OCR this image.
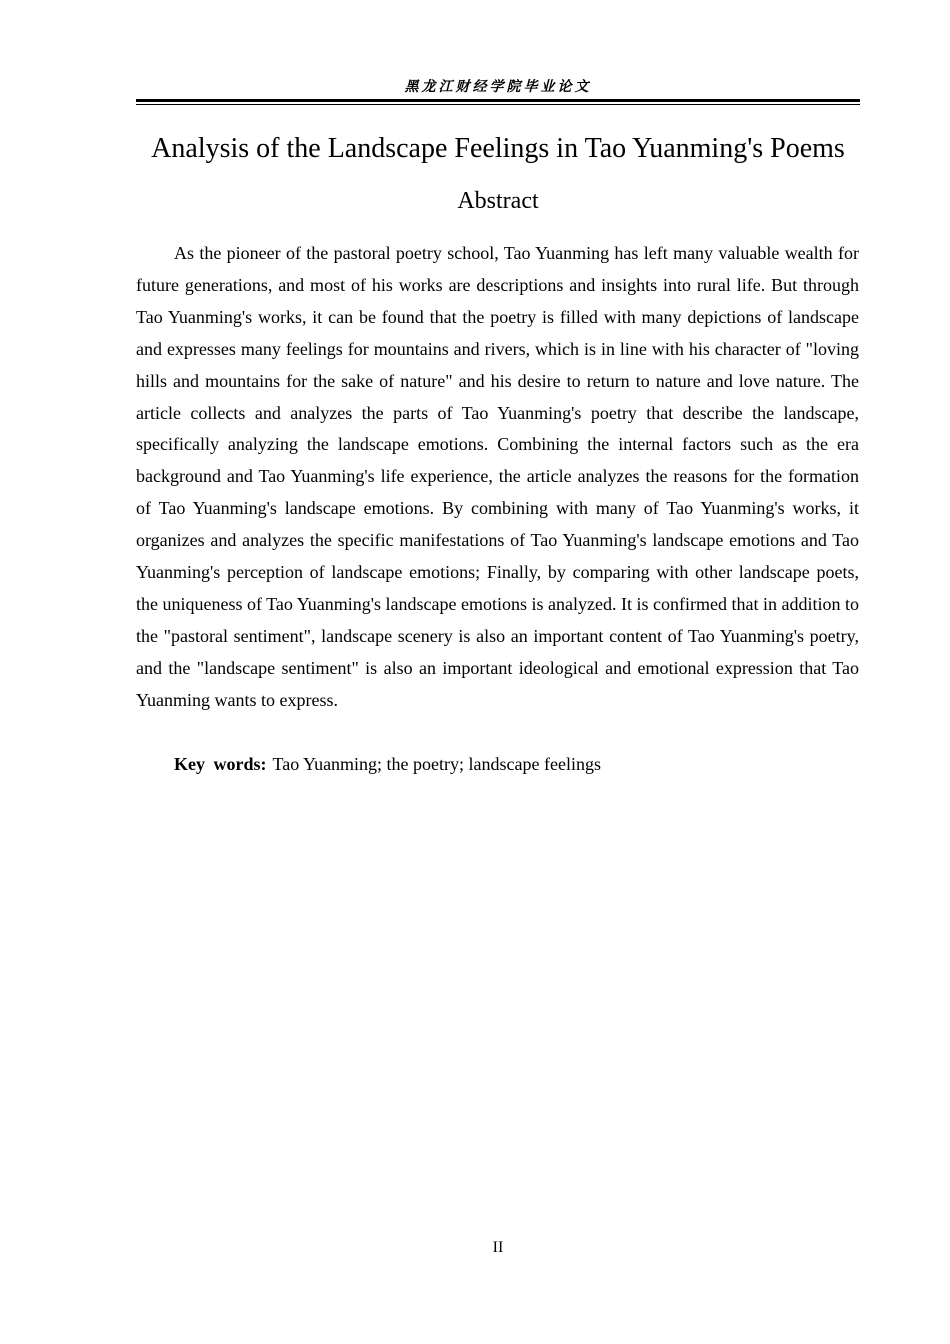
黑龙江财经学院毕业论文
Analysis of the Landscape Feelings in Tao Yuanming's Poems
Abstract

As the pioneer of the pastoral poetry school, Tao Yuanming has left many valuable wealth for future generations, and most of his works are descriptions and insights into rural life. But through Tao Yuanming's works, it can be found that the poetry is filled with many depictions of landscape and expresses many feelings for mountains and rivers, which is in line with his character of "loving hills and mountains for the sake of nature" and his desire to return to nature and love nature. The article collects and analyzes the parts of Tao Yuanming's poetry that describe the landscape, specifically analyzing the landscape emotions. Combining the internal factors such as the era background and Tao Yuanming's life experience, the article analyzes the reasons for the formation of Tao Yuanming's landscape emotions. By combining with many of Tao Yuanming's works, it organizes and analyzes the specific manifestations of Tao Yuanming's landscape emotions and Tao Yuanming's perception of landscape emotions; Finally, by comparing with other landscape poets, the uniqueness of Tao Yuanming's landscape emotions is analyzed. It is confirmed that in addition to the "pastoral sentiment", landscape scenery is also an important content of Tao Yuanming's poetry, and the "landscape sentiment" is also an important ideological and emotional expression that Tao Yuanming wants to express.

Key words: Tao Yuanming; the poetry; landscape feelings

II
